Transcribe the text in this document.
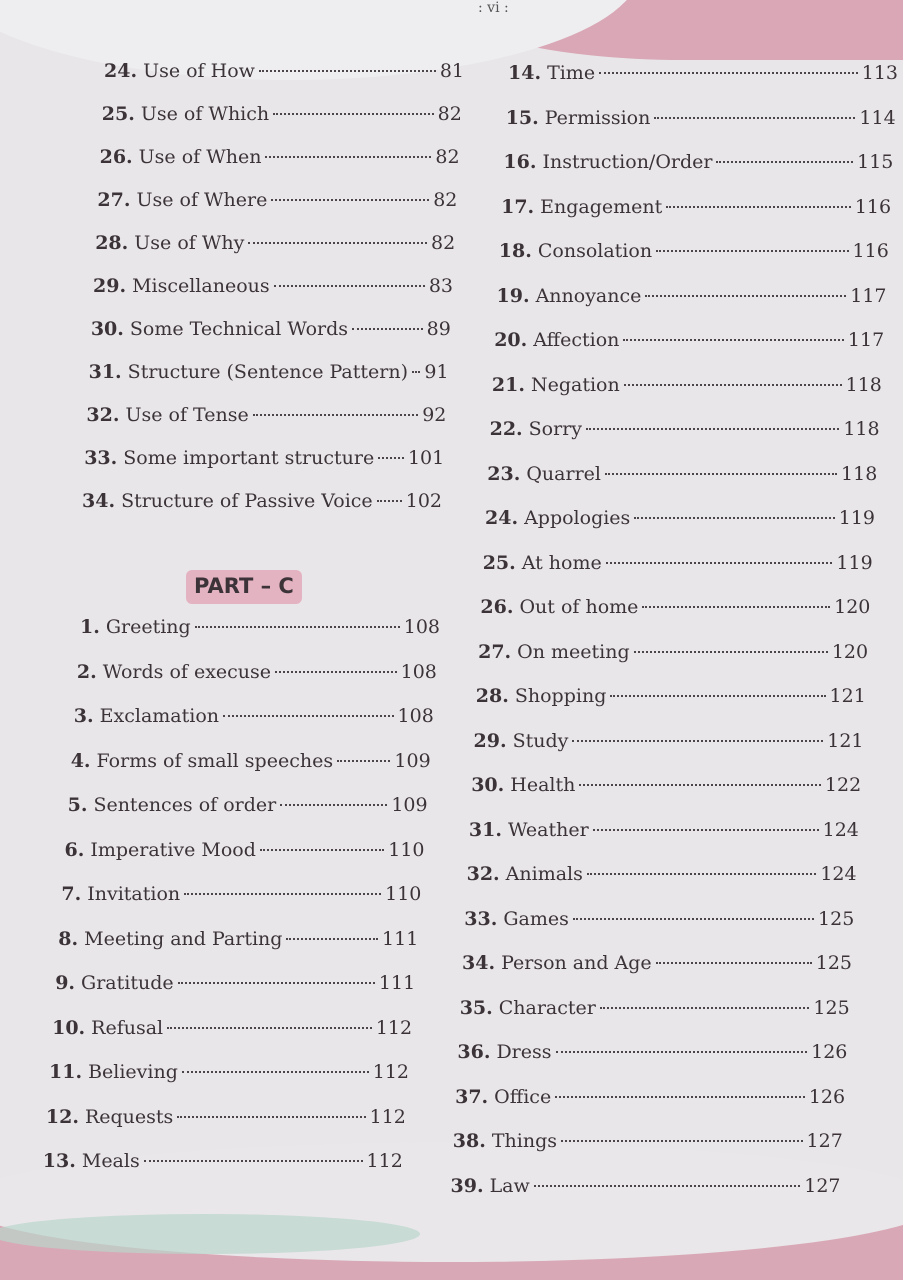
: vi :
24. Use of How	81
25. Use of Which	82
26. Use of When	82
27. Use of Where	82
28. Use of Why	82
29. Miscellaneous	83
30. Some Technical Words	89
31. Structure (Sentence Pattern) 91
32. Use of Tense	92
33. Some important structure 101
34. Structure of Passive Voice 102
PART – C
1. Greeting	108
2. Words of execuse	108
3. Exclamation	108
4. Forms of small speeches	109
5. Sentences of order	109
6. Imperative Mood	110
7. Invitation	110
8. Meeting and Parting	111
9. Gratitude	111
10. Refusal	112
11. Believing	112
12. Requests	112
13. Meals	112
14. Time	113
15. Permission	114
16. Instruction/Order	115
17. Engagement	116
18. Consolation	116
19. Annoyance	117
20. Affection	117
21. Negation	118
22. Sorry	118
23. Quarrel	118
24. Appologies	119
25. At home	119
26. Out of home	120
27. On meeting	120
28. Shopping	121
29. Study	121
30. Health	122
31. Weather	124
32. Animals	124
33. Games	125
34. Person and Age	125
35. Character	125
36. Dress	126
37. Office	126
38. Things	127
39. Law	127
